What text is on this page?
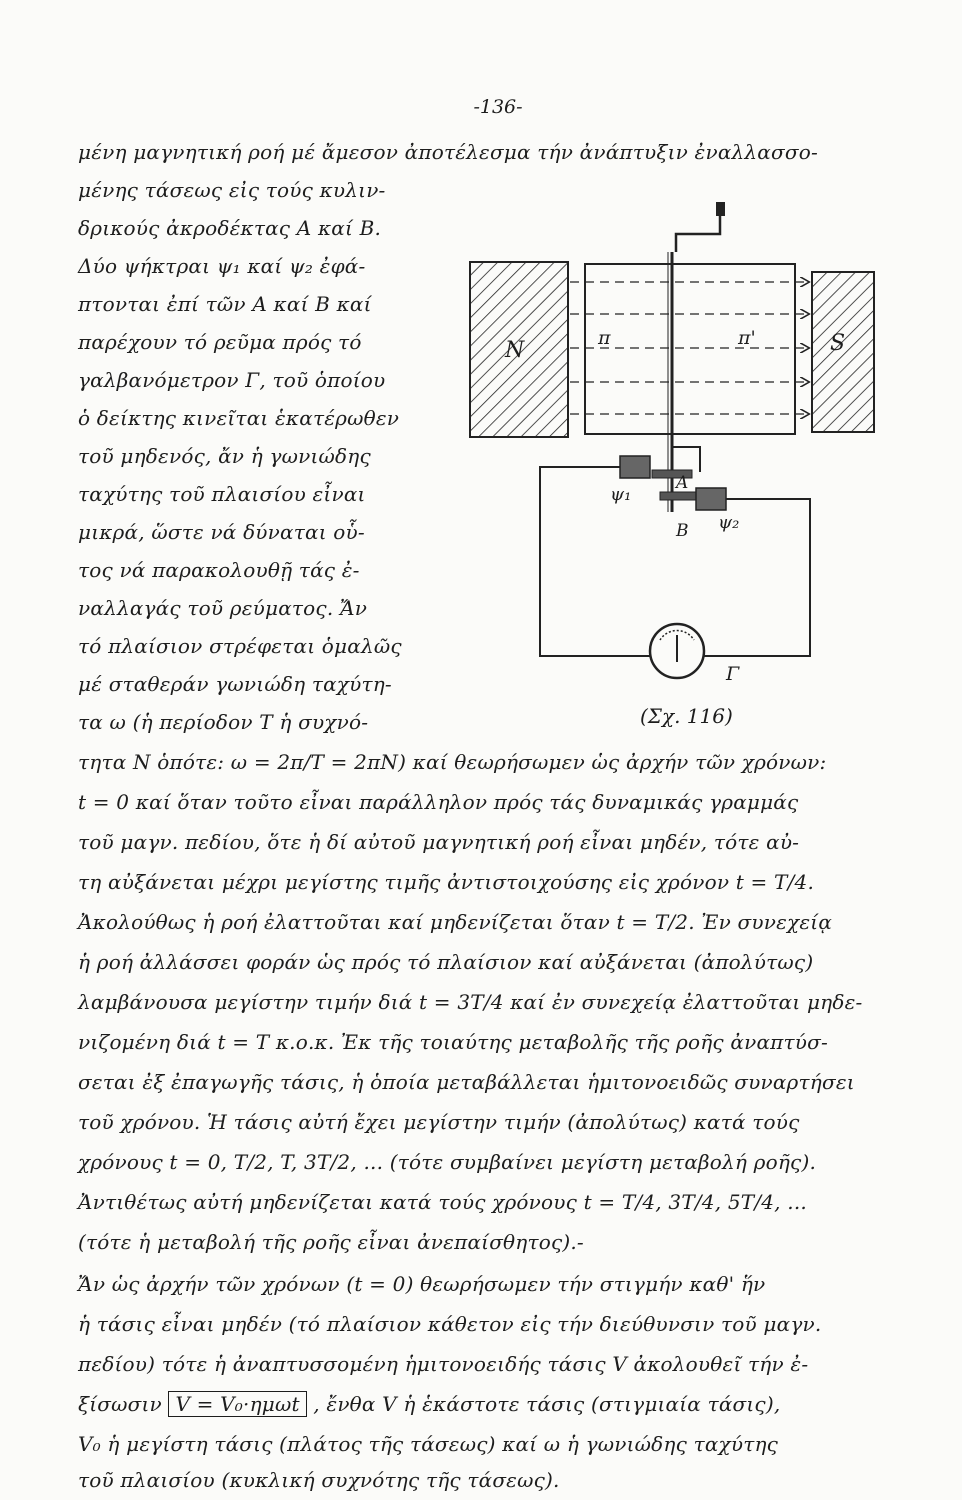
-136-
μένη μαγνητική ροή μέ ἄμεσον ἀποτέλεσμα τήν ἀνάπτυξιν ἐναλλασσο-
μένης τάσεως εἰς τούς κυλιν-
δρικούς ἀκροδέκτας Α καί Β.
Δύο ψήκτραι ψ₁ καί ψ₂ ἐφά-
πτονται ἐπί τῶν Α καί Β καί
παρέχουν τό ρεῦμα πρός τό
γαλβανόμετρον Γ, τοῦ ὁποίου
ὁ δείκτης κινεῖται ἑκατέρωθεν
τοῦ μηδενός, ἄν ἡ γωνιώδης
ταχύτης τοῦ πλαισίου εἶναι
μικρά, ὥστε νά δύναται οὗ-
τος νά παρακολουθῇ τάς ἐ-
ναλλαγάς τοῦ ρεύματος. Ἄν
τό πλαίσιον στρέφεται ὁμαλῶς
μέ σταθεράν γωνιώδη ταχύτη-
τα ω (ἡ περίοδον Τ ἡ συχνό-
τητα Ν ὁπότε: ω = 2π/Τ = 2πΝ) καί θεωρήσωμεν ὡς ἀρχήν τῶν χρόνων:
t = 0 καί ὅταν τοῦτο εἶναι παράλληλον πρός τάς δυναμικάς γραμμάς
τοῦ μαγν. πεδίου, ὅτε ἡ δί αὐτοῦ μαγνητική ροή εἶναι μηδέν, τότε αὐ-
τη αὐξάνεται μέχρι μεγίστης τιμῆς ἀντιστοιχούσης εἰς χρόνον t = T/4.
Ἀκολούθως ἡ ροή ἐλαττοῦται καί μηδενίζεται ὅταν t = T/2. Ἐν συνεχείᾳ
ἡ ροή ἀλλάσσει φοράν ὡς πρός τό πλαίσιον καί αὐξάνεται (ἀπολύτως)
λαμβάνουσα μεγίστην τιμήν διά t = 3T/4 καί ἐν συνεχείᾳ ἐλαττοῦται μηδε-
νιζομένη διά t = T κ.ο.κ. Ἐκ τῆς τοιαύτης μεταβολῆς τῆς ροῆς ἀναπτύσ-
σεται ἐξ ἐπαγωγῆς τάσις, ἡ ὁποία μεταβάλλεται ἡμιτονοειδῶς συναρτήσει
τοῦ χρόνου. Ἡ τάσις αὐτή ἔχει μεγίστην τιμήν (ἀπολύτως) κατά τούς
χρόνους t = 0, T/2, T, 3T/2, ... (τότε συμβαίνει μεγίστη μεταβολή ροῆς).
Ἀντιθέτως αὐτή μηδενίζεται κατά τούς χρόνους t = T/4, 3T/4, 5T/4, ...
(τότε ἡ μεταβολή τῆς ροῆς εἶναι ἀνεπαίσθητος).-
Ἄν ὡς ἀρχήν τῶν χρόνων (t = 0) θεωρήσωμεν τήν στιγμήν καθ' ἥν
ἡ τάσις εἶναι μηδέν (τό πλαίσιον κάθετον εἰς τήν διεύθυνσιν τοῦ μαγν.
πεδίου) τότε ἡ ἀναπτυσσομένη ἡμιτονοειδής τάσις V ἀκολουθεῖ τήν ἐ-
ξίσωσιν V = V₀·ημωt , ἔνθα V ἡ ἑκάστοτε τάσις (στιγμιαία τάσις),
V₀ ἡ μεγίστη τάσις (πλάτος τῆς τάσεως) καί ω ἡ γωνιώδης ταχύτης
τοῦ πλαισίου (κυκλική συχνότης τῆς τάσεως).
N	S
π	π'
ψ₁
ψ₂
Α
Β
Γ
(Σχ. 116)
